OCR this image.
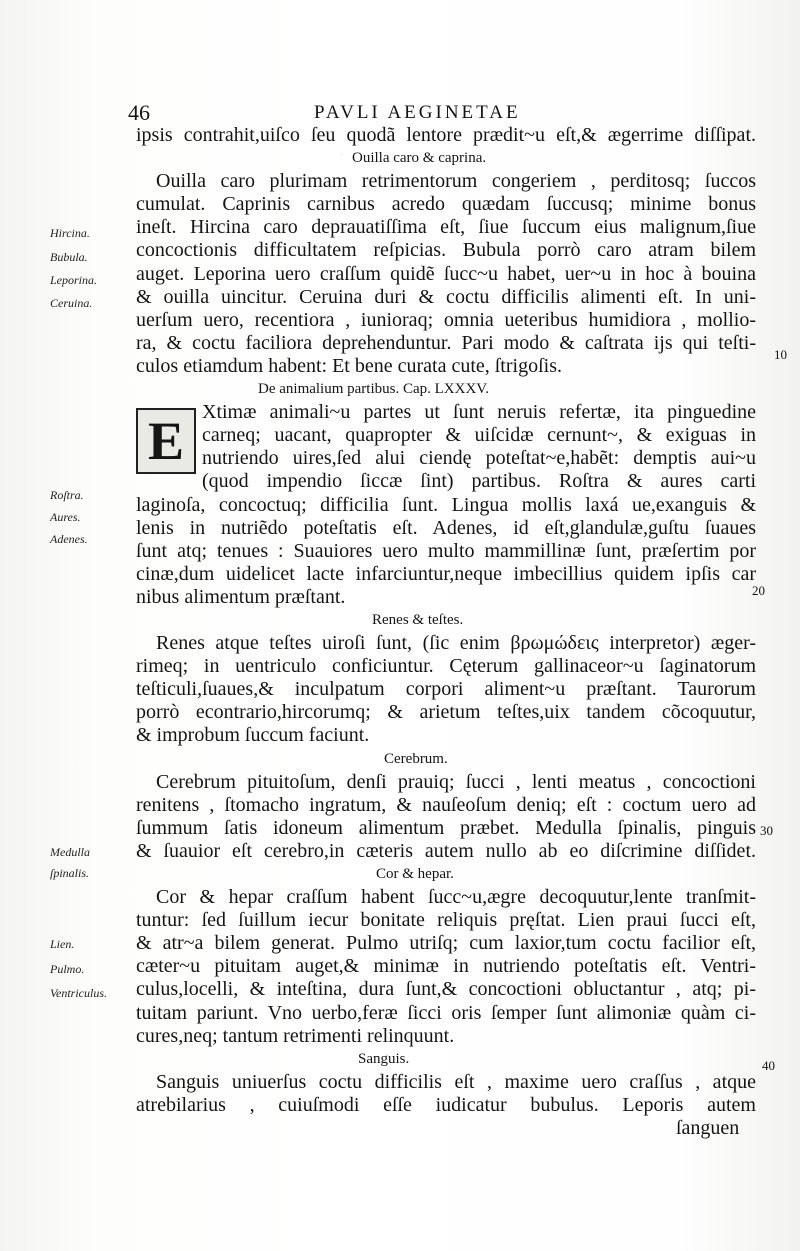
·
46	PAVLI AEGINETAE
E
ipsis contrahit,uiſco ſeu quodã lentore prædit~u eſt,& ægerrime diſſipat.
Ouilla caro & caprina.
Ouilla caro plurimam retrimentorum congeriem , perditosq; ſuccos
cumulat. Caprinis carnibus acredo quædam ſuccusq; minime bonus
ineſt. Hircina caro deprauatiſſima eſt, ſiue ſuccum eius malignum,ſiue
concoctionis difficultatem reſpicias. Bubula porrò caro atram bilem
auget. Leporina uero craſſum quidẽ ſucc~u habet, uer~u in hoc à bouina
& ouilla uincitur. Ceruina duri & coctu difficilis alimenti eſt. In uni-
uerſum uero, recentiora , iunioraq; omnia ueteribus humidiora , mollio-
ra, & coctu faciliora deprehenduntur. Pari modo & caſtrata ijs qui teſti-
culos etiamdum habent: Et bene curata cute, ſtrigoſis.
De animalium partibus. Cap. LXXXV.
Xtimæ animali~u partes ut ſunt neruis refertæ, ita pinguedine
carneq; uacant, quapropter & uiſcidæ cernunt~, & exiguas in
nutriendo uires,ſed alui ciendę poteſtat~e,habẽt: demptis aui~u
(quod impendio ſiccæ ſint) partibus. Roſtra & aures carti
laginoſa, concoctuq; difficilia ſunt. Lingua mollis laxá ue,exanguis &
lenis in nutriẽdo poteſtatis eſt. Adenes, id eſt,glandulæ,guſtu ſuaues
ſunt atq; tenues : Suauiores uero multo mammillinæ ſunt, præſertim por
cinæ,dum uidelicet lacte infarciuntur,neque imbecillius quidem ipſis car
nibus alimentum præſtant.
Renes & teſtes.
Renes atque teſtes uiroſi ſunt, (ſic enim βρωμώδεις interpretor) æger-
rimeq; in uentriculo conficiuntur. Cęterum gallinaceor~u ſaginatorum
teſticuli,ſuaues,& inculpatum corpori aliment~u præſtant. Taurorum
porrò econtrario,hircorumq; & arietum teſtes,uix tandem cõcoquutur,
& improbum ſuccum faciunt.
Cerebrum.
Cerebrum pituitoſum, denſi prauiq; ſucci , lenti meatus , concoctioni
renitens , ſtomacho ingratum, & nauſeoſum deniq; eſt : coctum uero ad
ſummum ſatis idoneum alimentum præbet. Medulla ſpinalis, pinguis
& ſuauior eſt cerebro,in cæteris autem nullo ab eo diſcrimine diſſidet.
Cor & hepar.
Cor & hepar craſſum habent ſucc~u,ægre decoquutur,lente tranſmit-
tuntur: ſed ſuillum iecur bonitate reliquis pręſtat. Lien praui ſucci eſt,
& atr~a bilem generat. Pulmo utriſq; cum laxior,tum coctu facilior eſt,
cæter~u pituitam auget,& minimæ in nutriendo poteſtatis eſt. Ventri-
culus,locelli, & inteſtina, dura ſunt,& concoctioni obluctantur , atq; pi-
tuitam pariunt. Vno uerbo,feræ ſicci oris ſemper ſunt alimoniæ quàm ci-
cures,neq; tantum retrimenti relinquunt.
Sanguis.
Sanguis uniuerſus coctu difficilis eſt , maxime uero craſſus , atque
atrebilarius , cuiuſmodi eſſe iudicatur bubulus. Leporis autem
ſanguen
Hircina.
Bubula.
Leporina.
Ceruina.
Roſtra.
Aures.
Adenes.
Medulla
ſpinalis.
Lien.
Pulmo.
Ventriculus.
10
20
30
40
